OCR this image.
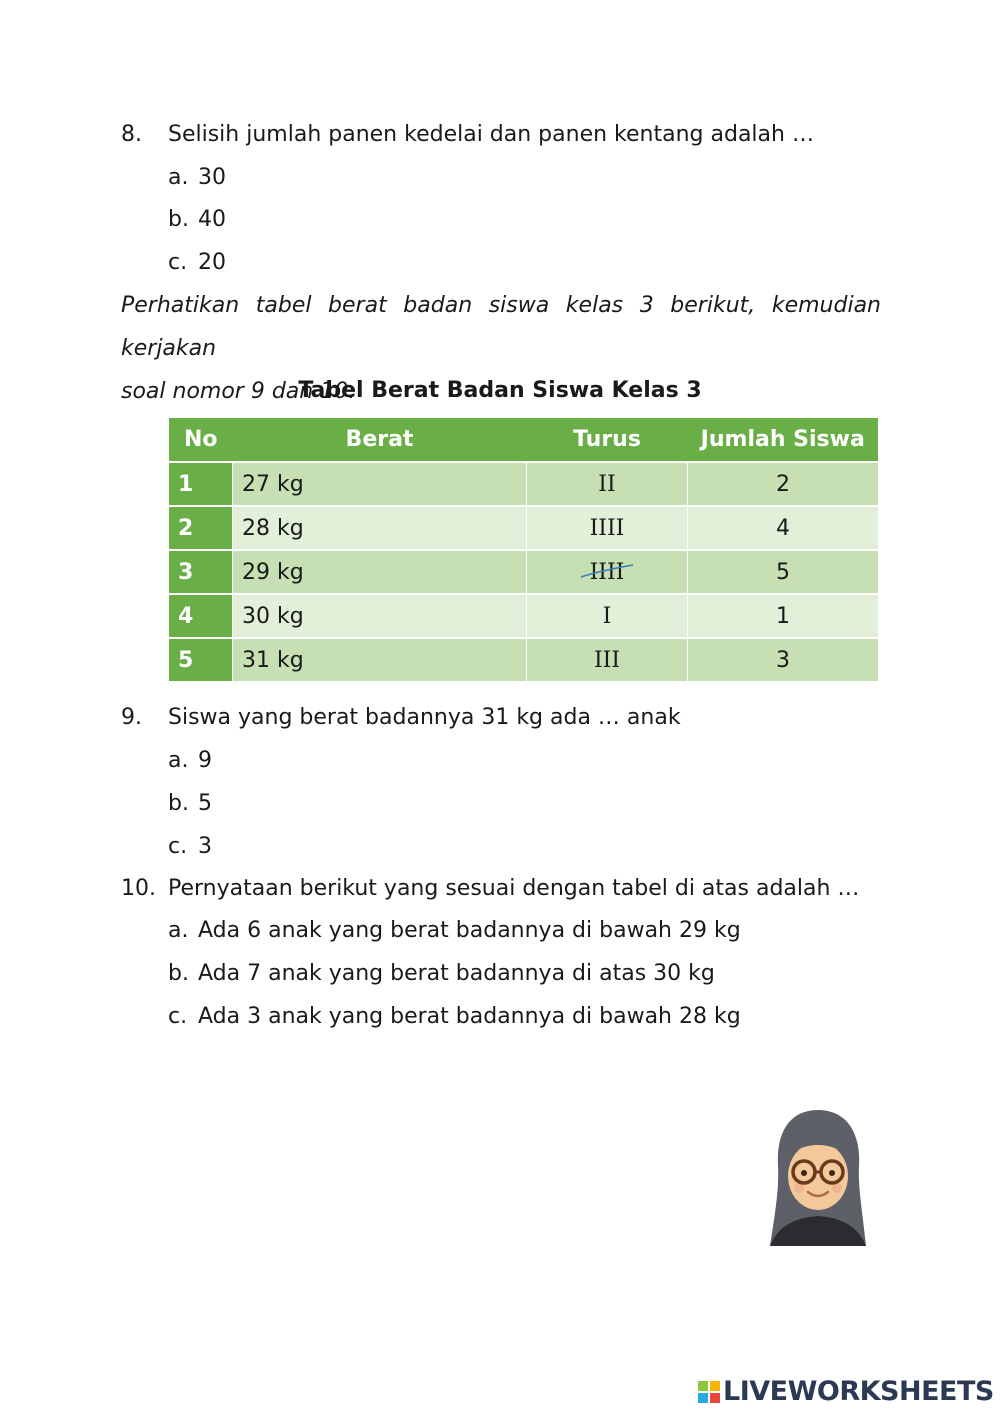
8. Selisih jumlah panen kedelai dan panen kentang adalah …
a. 30
b. 40
c. 20
Perhatikan tabel berat badan siswa kelas 3 berikut, kemudian kerjakan
soal nomor 9 dan 10.
Tabel Berat Badan Siswa Kelas 3
No	Berat	Turus	Jumlah Siswa
1	27 kg	II	2
2	28 kg	IIII	4
3	29 kg	IIII	5
4	30 kg	I	1
5	31 kg	III	3
9. Siswa yang berat badannya 31 kg ada … anak
a. 9
b. 5
c. 3
10. Pernyataan berikut yang sesuai dengan tabel di atas adalah …
a. Ada 6 anak yang berat badannya di bawah 29 kg
b. Ada 7 anak yang berat badannya di atas 30 kg
c. Ada 3 anak yang berat badannya di bawah 28 kg
LIVEWORKSHEETS
